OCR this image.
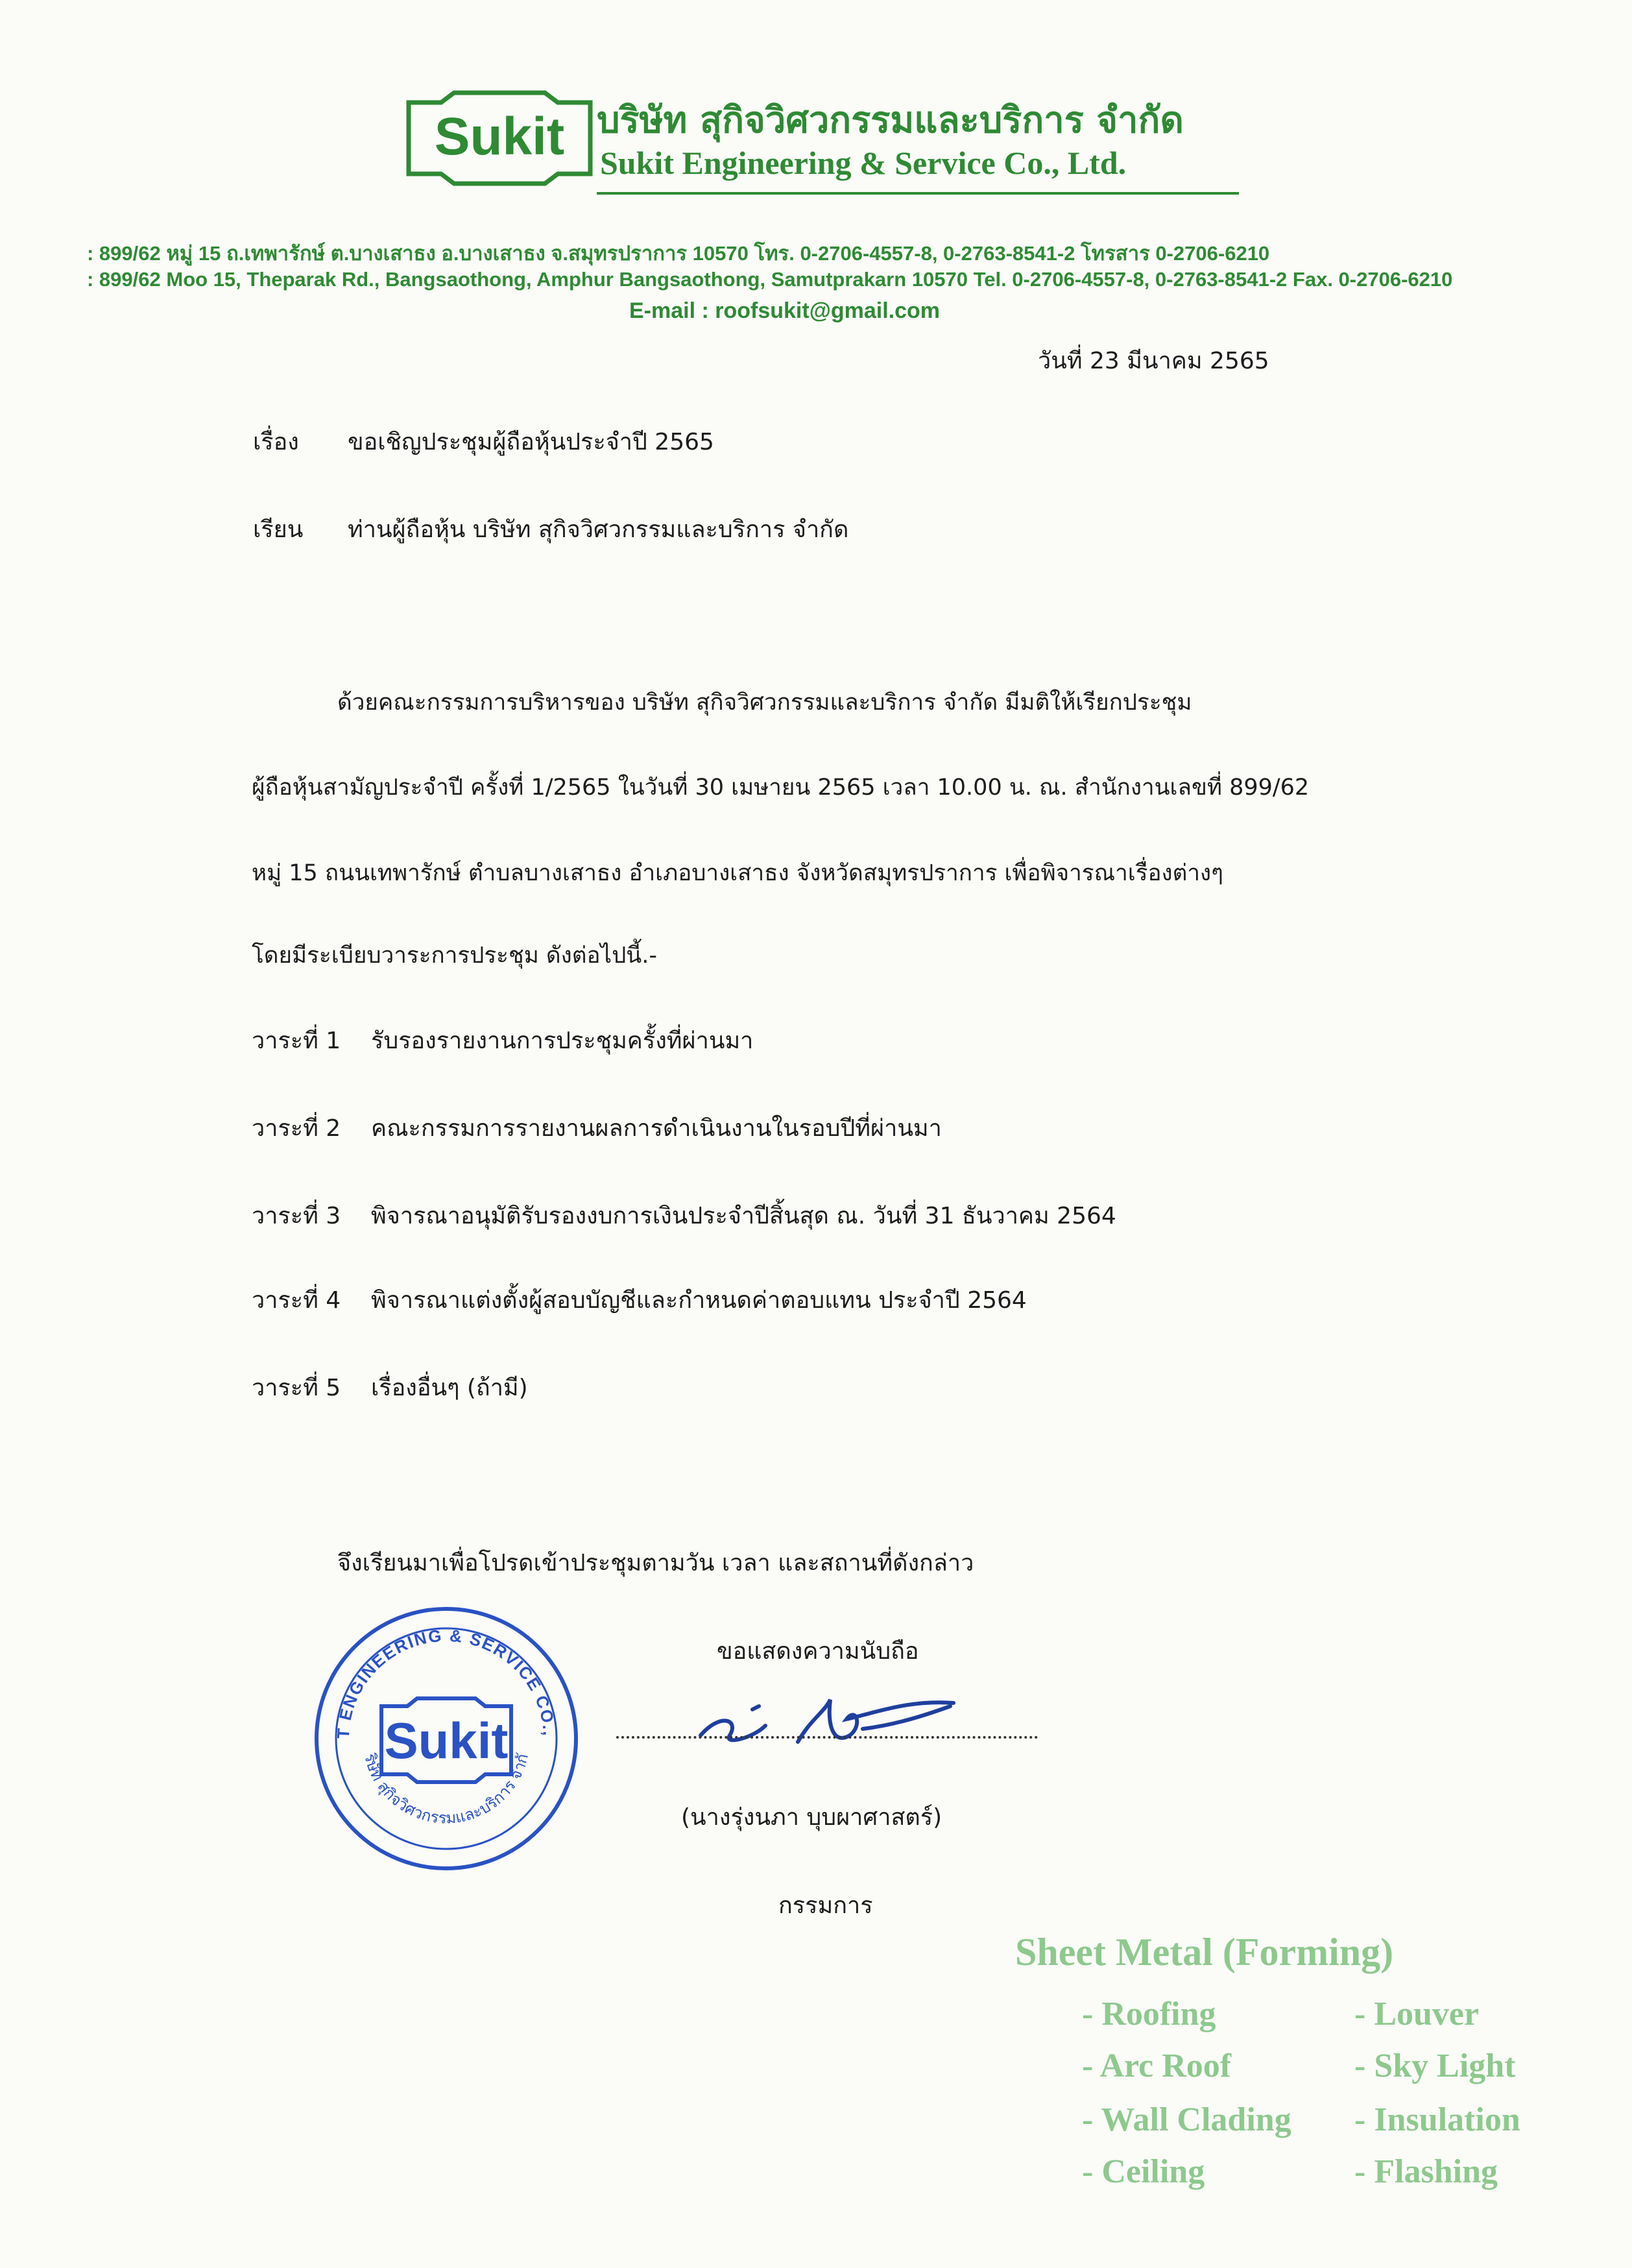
Sukit บริษัท สุกิจวิศวกรรมและบริการ จำกัด
Sukit Engineering & Service Co., Ltd.
: 899/62 หมู่ 15 ถ.เทพารักษ์ ต.บางเสาธง อ.บางเสาธง จ.สมุทรปราการ 10570 โทร. 0-2706-4557-8, 0-2763-8541-2 โทรสาร 0-2706-6210
: 899/62 Moo 15, Theparak Rd., Bangsaothong, Amphur Bangsaothong, Samutprakarn 10570 Tel. 0-2706-4557-8, 0-2763-8541-2 Fax. 0-2706-6210
E-mail : roofsukit@gmail.com
วันที่ 23 มีนาคม 2565
เรื่อง ขอเชิญประชุมผู้ถือหุ้นประจำปี 2565
เรียน ท่านผู้ถือหุ้น บริษัท สุกิจวิศวกรรมและบริการ จำกัด
ด้วยคณะกรรมการบริหารของ บริษัท สุกิจวิศวกรรมและบริการ จำกัด มีมติให้เรียกประชุม
ผู้ถือหุ้นสามัญประจำปี ครั้งที่ 1/2565 ในวันที่ 30 เมษายน 2565 เวลา 10.00 น. ณ. สำนักงานเลขที่ 899/62
หมู่ 15 ถนนเทพารักษ์ ตำบลบางเสาธง อำเภอบางเสาธง จังหวัดสมุทรปราการ เพื่อพิจารณาเรื่องต่างๆ
โดยมีระเบียบวาระการประชุม ดังต่อไปนี้.-
วาระที่ 1 รับรองรายงานการประชุมครั้งที่ผ่านมา
วาระที่ 2 คณะกรรมการรายงานผลการดำเนินงานในรอบปีที่ผ่านมา
วาระที่ 3 พิจารณาอนุมัติรับรองงบการเงินประจำปีสิ้นสุด ณ. วันที่ 31 ธันวาคม 2564
วาระที่ 4 พิจารณาแต่งตั้งผู้สอบบัญชีและกำหนดค่าตอบแทน ประจำปี 2564
วาระที่ 5 เรื่องอื่นๆ (ถ้ามี)
จึงเรียนมาเพื่อโปรดเข้าประชุมตามวัน เวลา และสถานที่ดังกล่าว
ขอแสดงความนับถือ
(นางรุ่งนภา บุบผาศาสตร์)
กรรมการ
T ENGINEERING & SERVICE CO.,
ริษัท สุกิจวิศวกรรมและบริการ จำกั
Sukit
Sheet Metal (Forming)
- Roofing
- Arc Roof
- Wall Clading
- Ceiling
- Louver
- Sky Light
- Insulation
- Flashing
